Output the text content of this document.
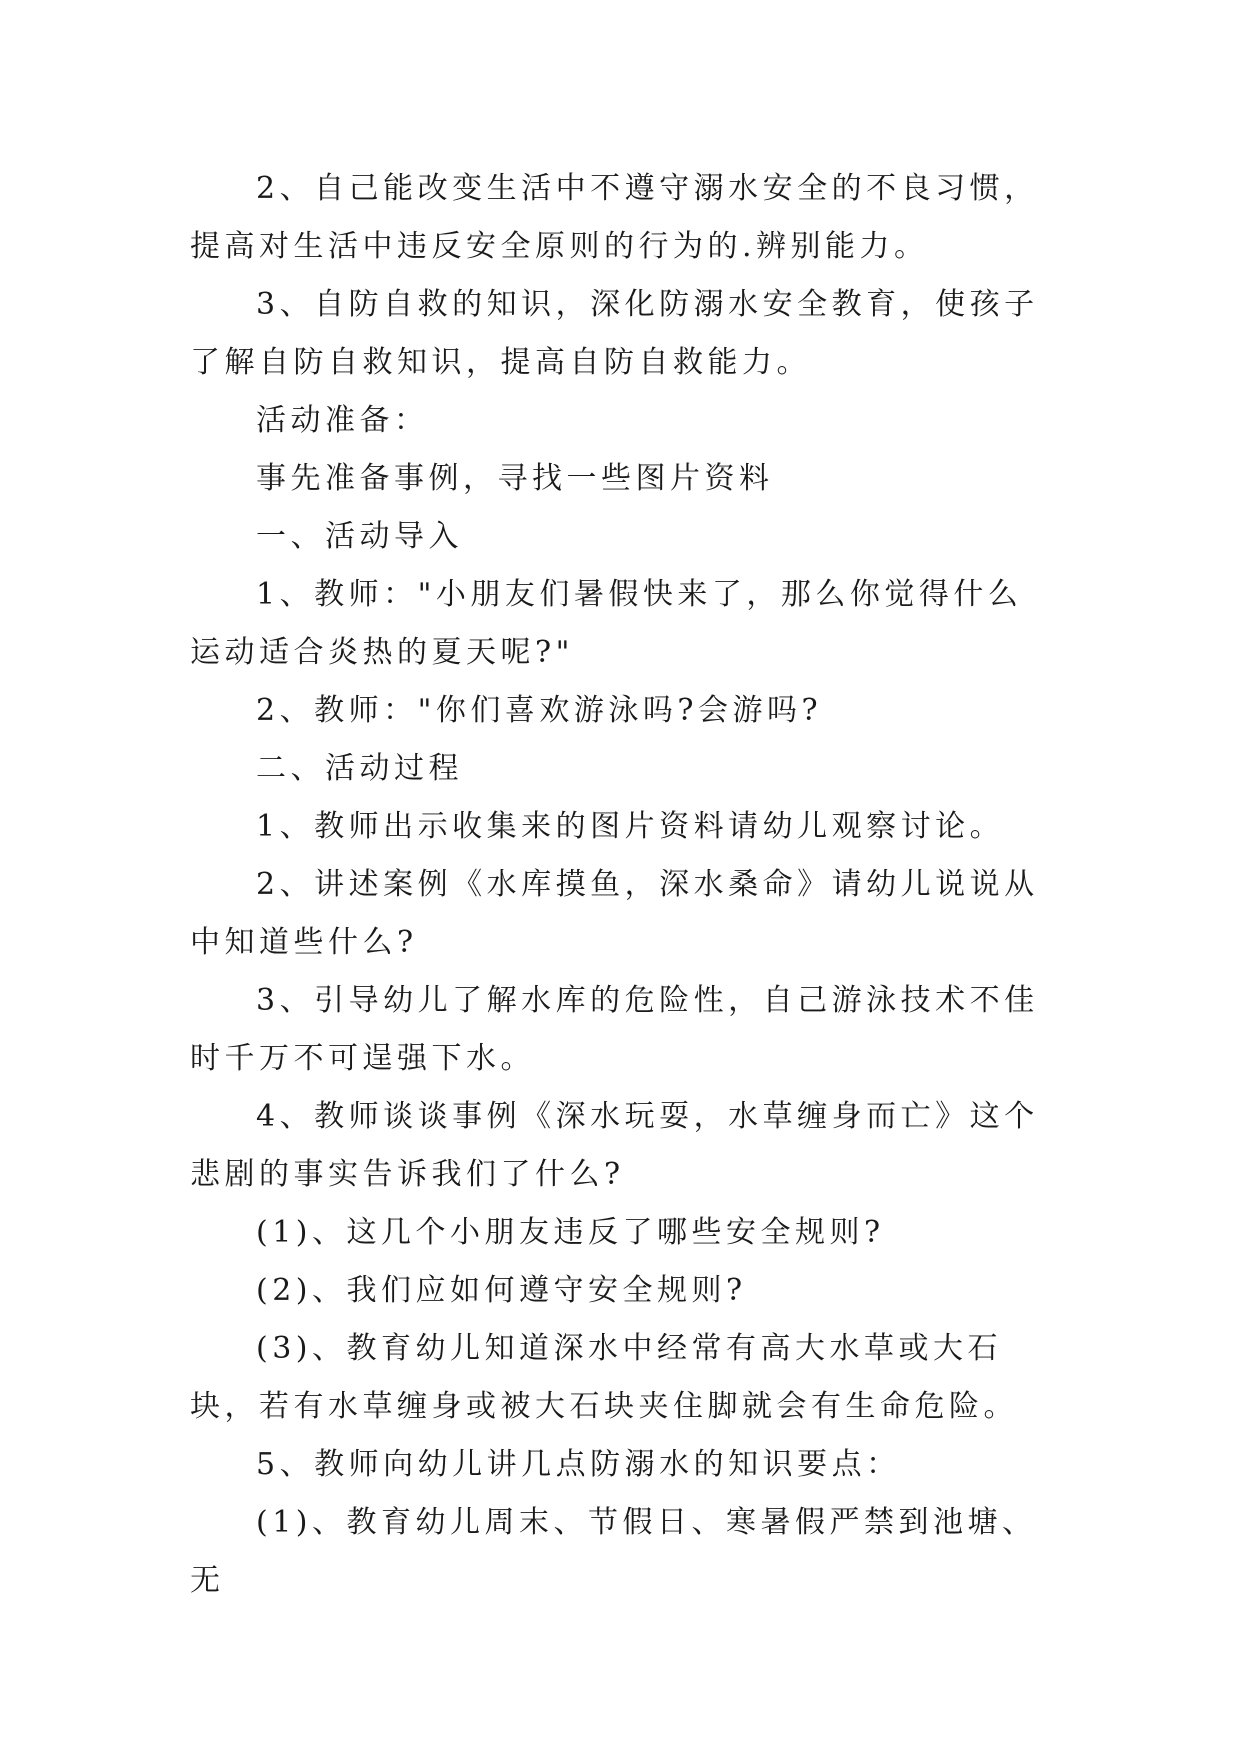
2、自己能改变生活中不遵守溺水安全的不良习惯，提高对生活中违反安全原则的行为的.辨别能力。

3、自防自救的知识，深化防溺水安全教育，使孩子了解自防自救知识，提高自防自救能力。

活动准备：

事先准备事例，寻找一些图片资料

一、活动导入

1、教师："小朋友们暑假快来了，那么你觉得什么运动适合炎热的夏天呢?"

2、教师："你们喜欢游泳吗?会游吗?

二、活动过程

1、教师出示收集来的图片资料请幼儿观察讨论。

2、讲述案例《水库摸鱼，深水桑命》请幼儿说说从中知道些什么?

3、引导幼儿了解水库的危险性，自己游泳技术不佳时千万不可逞强下水。

4、教师谈谈事例《深水玩耍，水草缠身而亡》这个悲剧的事实告诉我们了什么?

(1)、这几个小朋友违反了哪些安全规则?

(2)、我们应如何遵守安全规则?

(3)、教育幼儿知道深水中经常有高大水草或大石块，若有水草缠身或被大石块夹住脚就会有生命危险。

5、教师向幼儿讲几点防溺水的知识要点：

(1)、教育幼儿周末、节假日、寒暑假严禁到池塘、无
